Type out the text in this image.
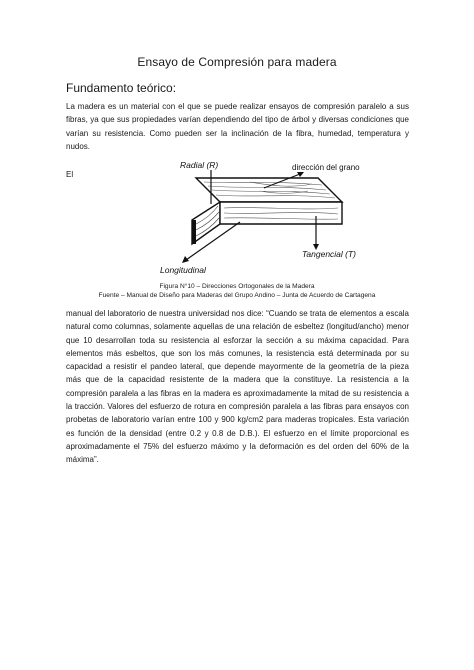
Ensayo de Compresión para madera
Fundamento teórico:

La madera es un material con el que se puede realizar ensayos de compresión paralelo a sus fibras, ya que sus propiedades varían dependiendo del tipo de árbol y diversas condiciones que varían su resistencia. Como pueden ser la inclinación de la fibra, humedad, temperatura y nudos.

El
Radial (R)	dirección del grano
Tangencial (T)
Longitudinal
Figura N°10 – Direcciones Ortogonales de la Madera
Fuente – Manual de Diseño para Maderas del Grupo Andino – Junta de Acuerdo de Cartagena

manual del laboratorio de nuestra universidad nos dice: “Cuando se trata de elementos a escala natural como columnas, solamente aquellas de una relación de esbeltez (longitud/ancho) menor que 10 desarrollan toda su resistencia al esforzar la sección a su máxima capacidad. Para elementos más esbeltos, que son los más comunes, la resistencia está determinada por su capacidad a resistir el pandeo lateral, que depende mayormente de la geometría de la pieza más que de la capacidad resistente de la madera que la constituye. La resistencia a la compresión paralela a las fibras en la madera es aproximadamente la mitad de su resistencia a la tracción. Valores del esfuerzo de rotura en compresión paralela a las fibras para ensayos con probetas de laboratorio varían entre 100 y 900 kg/cm2 para maderas tropicales. Esta variación es función de la densidad (entre 0.2 y 0.8 de D.B.). El esfuerzo en el límite proporcional es aproximadamente el 75% del esfuerzo máximo y la deformación es del orden del 60% de la máxima”.
